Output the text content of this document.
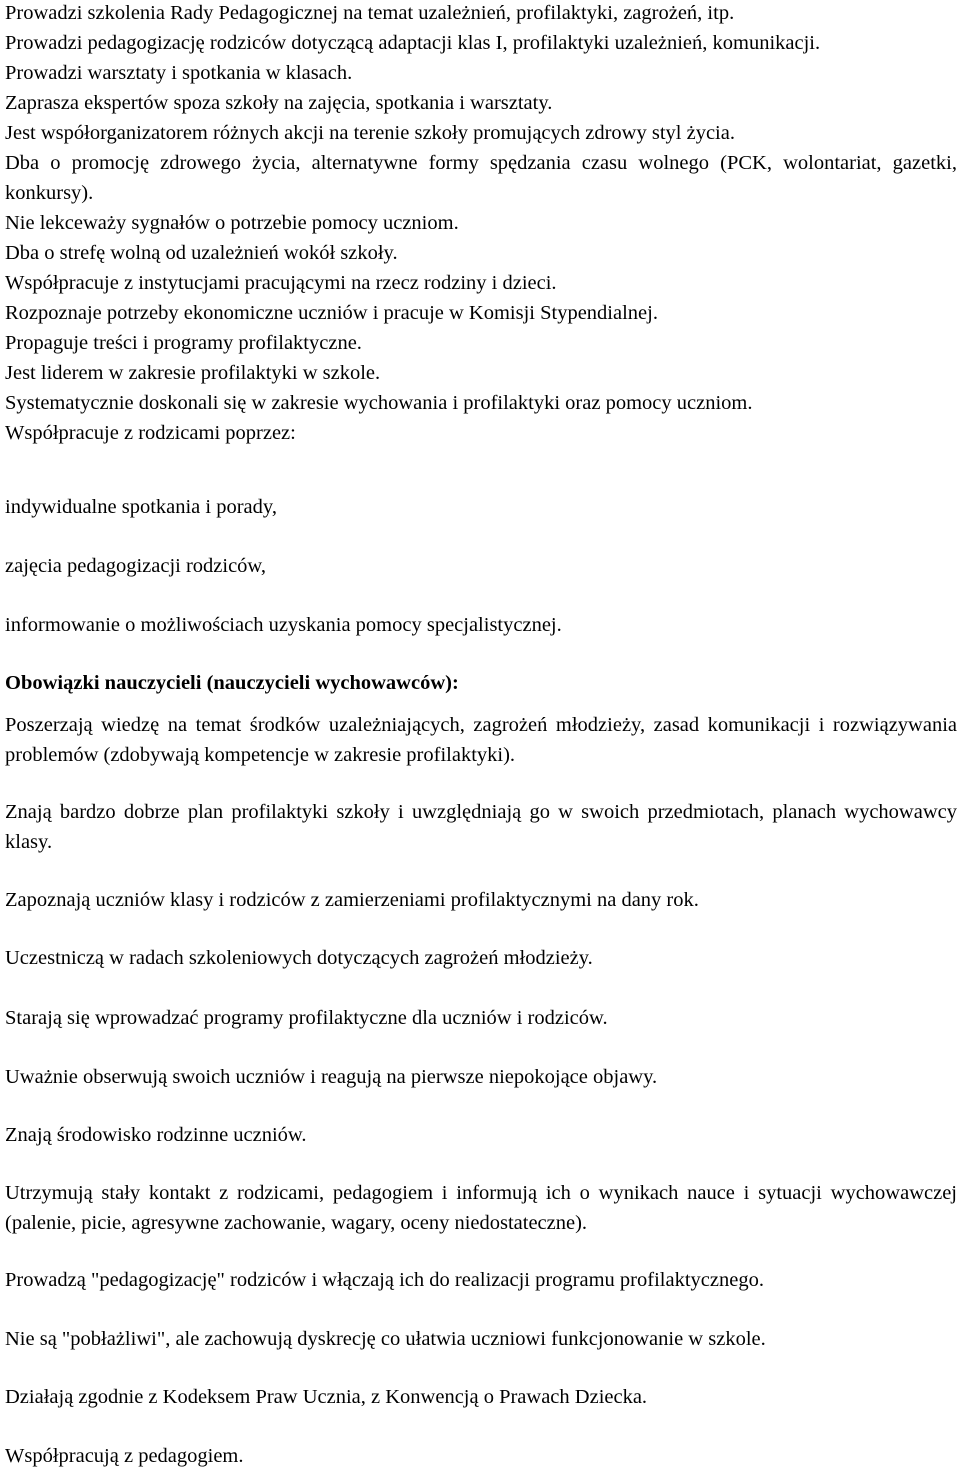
Prowadzi szkolenia Rady Pedagogicznej na temat uzależnień, profilaktyki, zagrożeń, itp.

Prowadzi pedagogizację rodziców dotyczącą adaptacji klas I, profilaktyki uzależnień, komunikacji.

Prowadzi warsztaty i spotkania w klasach.

Zaprasza ekspertów spoza szkoły na zajęcia, spotkania i warsztaty.

Jest współorganizatorem różnych akcji na terenie szkoły promujących zdrowy styl życia.

Dba o promocję zdrowego życia, alternatywne formy spędzania czasu wolnego (PCK, wolontariat, gazetki, konkursy).

Nie lekceważy sygnałów o potrzebie pomocy uczniom.

Dba o strefę wolną od uzależnień wokół szkoły.

Współpracuje z instytucjami pracującymi na rzecz rodziny i dzieci.

Rozpoznaje potrzeby ekonomiczne uczniów i pracuje w Komisji Stypendialnej.

Propaguje treści i programy profilaktyczne.

Jest liderem w zakresie profilaktyki w szkole.

Systematycznie doskonali się w zakresie wychowania i profilaktyki oraz pomocy uczniom.

Współpracuje z rodzicami poprzez:

indywidualne spotkania i porady,

zajęcia pedagogizacji rodziców,

informowanie o możliwościach uzyskania pomocy specjalistycznej.

Obowiązki nauczycieli (nauczycieli wychowawców):

Poszerzają wiedzę na temat środków uzależniających, zagrożeń młodzieży, zasad komunikacji i rozwiązywania problemów (zdobywają kompetencje w zakresie profilaktyki).

Znają bardzo dobrze plan profilaktyki szkoły i uwzględniają go w swoich przedmiotach, planach wychowawcy klasy.

Zapoznają uczniów klasy i rodziców z zamierzeniami profilaktycznymi na dany rok.

Uczestniczą w radach szkoleniowych dotyczących zagrożeń młodzieży.

Starają się wprowadzać programy profilaktyczne dla uczniów i rodziców.

Uważnie obserwują swoich uczniów i reagują na pierwsze niepokojące objawy.

Znają środowisko rodzinne uczniów.

Utrzymują stały kontakt z rodzicami, pedagogiem i informują ich o wynikach nauce i sytuacji wychowawczej (palenie, picie, agresywne zachowanie, wagary, oceny niedostateczne).

Prowadzą "pedagogizację" rodziców i włączają ich do realizacji programu profilaktycznego.

Nie są "pobłażliwi", ale zachowują dyskrecję co ułatwia uczniowi funkcjonowanie w szkole.

Działają zgodnie z Kodeksem Praw Ucznia, z Konwencją o Prawach Dziecka.

Współpracują z pedagogiem.
